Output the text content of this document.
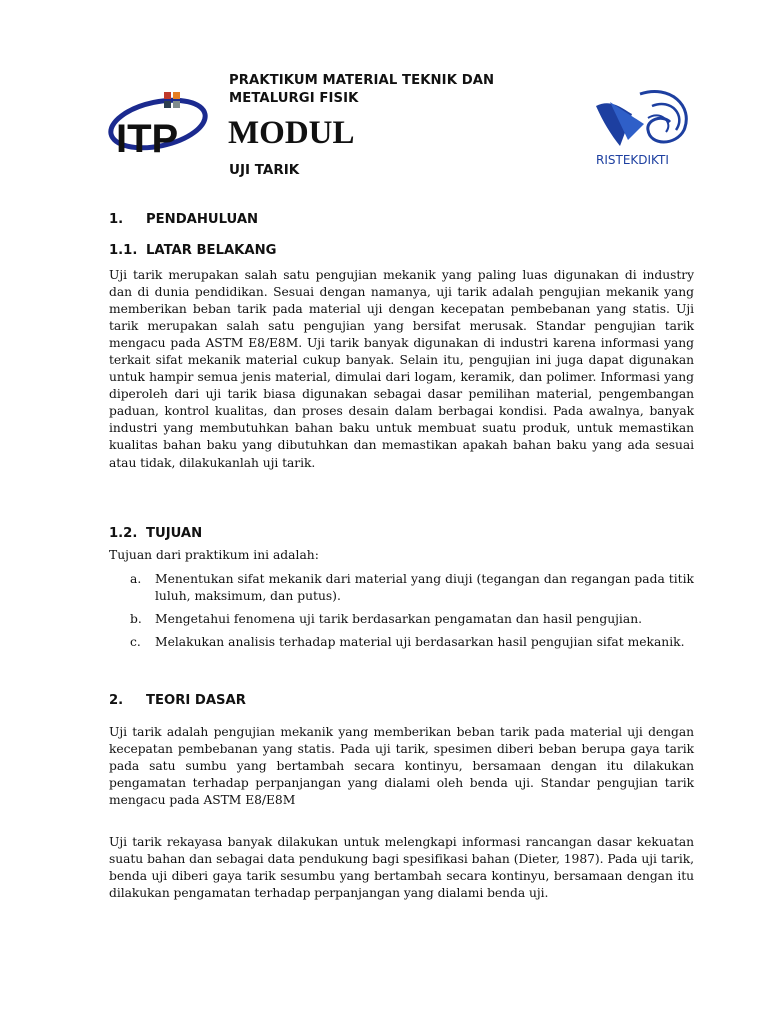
ITP
PRAKTIKUM MATERIAL TEKNIK DAN METALURGI FISIK
MODUL
UJI TARIK
RISTEKDIKTI
1. PENDAHULUAN
1.1. LATAR BELAKANG
Uji tarik merupakan salah satu pengujian mekanik yang paling luas digunakan di industry dan di dunia pendidikan. Sesuai dengan namanya, uji tarik adalah pengujian mekanik yang memberikan beban tarik pada material uji dengan kecepatan pembebanan yang statis. Uji tarik merupakan salah satu pengujian yang bersifat merusak. Standar pengujian tarik mengacu pada ASTM E8/E8M. Uji tarik banyak digunakan di industri karena informasi yang terkait sifat mekanik material cukup banyak. Selain itu, pengujian ini juga dapat digunakan untuk hampir semua jenis material, dimulai dari logam, keramik, dan polimer. Informasi yang diperoleh dari uji tarik biasa digunakan sebagai dasar pemilihan material, pengembangan paduan, kontrol kualitas, dan proses desain dalam berbagai kondisi. Pada awalnya, banyak industri yang membutuhkan bahan baku untuk membuat suatu produk, untuk memastikan kualitas bahan baku yang dibutuhkan dan memastikan apakah bahan baku yang ada sesuai atau tidak, dilakukanlah uji tarik.
1.2. TUJUAN
Tujuan dari praktikum ini adalah:
a. Menentukan sifat mekanik dari material yang diuji (tegangan dan regangan pada titik luluh, maksimum, dan putus).
b. Mengetahui fenomena uji tarik berdasarkan pengamatan dan hasil pengujian.
c. Melakukan analisis terhadap material uji berdasarkan hasil pengujian sifat mekanik.
2. TEORI DASAR
Uji tarik adalah pengujian mekanik yang memberikan beban tarik pada material uji dengan kecepatan pembebanan yang statis. Pada uji tarik, spesimen diberi beban berupa gaya tarik pada satu sumbu yang bertambah secara kontinyu, bersamaan dengan itu dilakukan pengamatan terhadap perpanjangan yang dialami oleh benda uji. Standar pengujian tarik mengacu pada ASTM E8/E8M
Uji tarik rekayasa banyak dilakukan untuk melengkapi informasi rancangan dasar kekuatan suatu bahan dan sebagai data pendukung bagi spesifikasi bahan (Dieter, 1987). Pada uji tarik, benda uji diberi gaya tarik sesumbu yang bertambah secara kontinyu, bersamaan dengan itu dilakukan pengamatan terhadap perpanjangan yang dialami benda uji.
